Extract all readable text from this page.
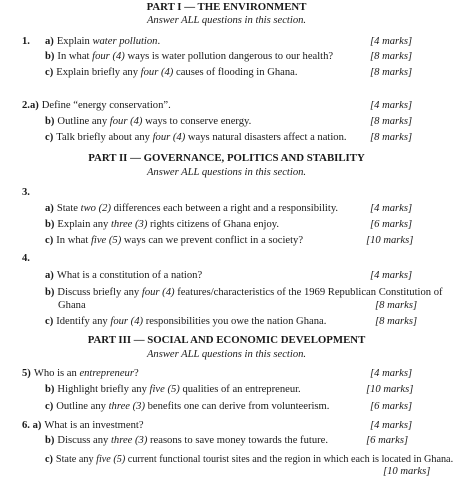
PART I — THE ENVIRONMENT
Answer ALL questions in this section.
1. a) Explain water pollution.	[4 marks]
b) In what four (4) ways is water pollution dangerous to our health?	[8 marks]
c) Explain briefly any four (4) causes of flooding in Ghana.	[8 marks]
2.a) Define “energy conservation”.	[4 marks]
b) Outline any four (4) ways to conserve energy.	[8 marks]
c) Talk briefly about any four (4) ways natural disasters affect a nation. [8 marks]
PART II — GOVERNANCE, POLITICS AND STABILITY
Answer ALL questions in this section.
3.
a) State two (2) differences each between a right and a responsibility.	[4 marks]
b) Explain any three (3) rights citizens of Ghana enjoy.	[6 marks]
c) In what five (5) ways can we prevent conflict in a society?	[10 marks]
4.
a) What is a constitution of a nation?	[4 marks]
b) Discuss briefly any four (4) features/characteristics of the 1969 Republican Constitution of
Ghana	[8 marks]
c) Identify any four (4) responsibilities you owe the nation Ghana.	[8 marks]
PART III — SOCIAL AND ECONOMIC DEVELOPMENT
Answer ALL questions in this section.
5) Who is an entrepreneur?	[4 marks]
b) Highlight briefly any five (5) qualities of an entrepreneur.	[10 marks]
c) Outline any three (3) benefits one can derive from volunteerism.	[6 marks]
6. a) What is an investment?	[4 marks]
b) Discuss any three (3) reasons to save money towards the future.	[6 marks]
c) State any five (5) current functional tourist sites and the region in which each is located in Ghana.
[10 marks]
